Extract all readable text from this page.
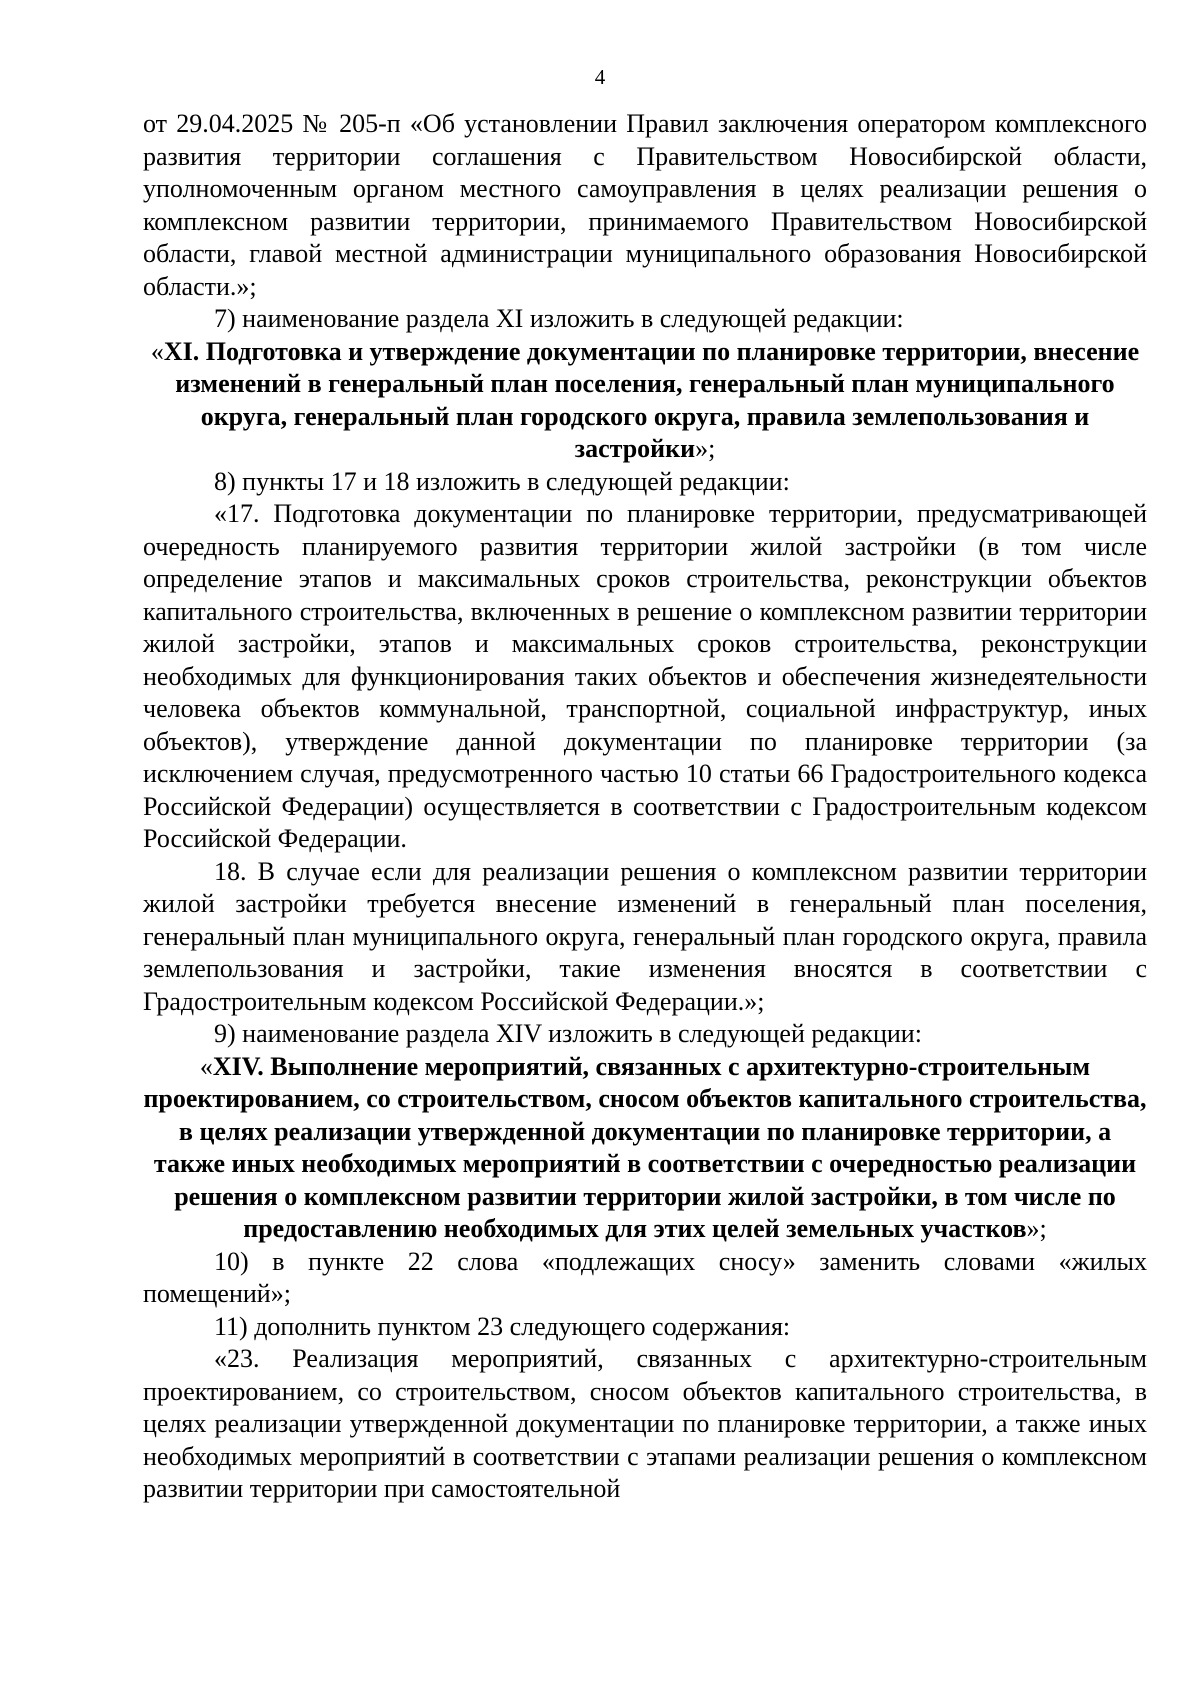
4

от 29.04.2025 № 205-п «Об установлении Правил заключения оператором комплексного развития территории соглашения с Правительством Новосибирской области, уполномоченным органом местного самоуправления в целях реализации решения о комплексном развитии территории, принимаемого Правительством Новосибирской области, главой местной администрации муниципального образования Новосибирской области.»;

7) наименование раздела XI изложить в следующей редакции:

«XI. Подготовка и утверждение документации по планировке территории, внесение изменений в генеральный план поселения, генеральный план муниципального округа, генеральный план городского округа, правила землепользования и застройки»;

8) пункты 17 и 18 изложить в следующей редакции:

«17. Подготовка документации по планировке территории, предусматривающей очередность планируемого развития территории жилой застройки (в том числе определение этапов и максимальных сроков строительства, реконструкции объектов капитального строительства, включенных в решение о комплексном развитии территории жилой застройки, этапов и максимальных сроков строительства, реконструкции необходимых для функционирования таких объектов и обеспечения жизнедеятельности человека объектов коммунальной, транспортной, социальной инфраструктур, иных объектов), утверждение данной документации по планировке территории (за исключением случая, предусмотренного частью 10 статьи 66 Градостроительного кодекса Российской Федерации) осуществляется в соответствии с Градостроительным кодексом Российской Федерации.

18. В случае если для реализации решения о комплексном развитии территории жилой застройки требуется внесение изменений в генеральный план поселения, генеральный план муниципального округа, генеральный план городского округа, правила землепользования и застройки, такие изменения вносятся в соответствии с Градостроительным кодексом Российской Федерации.»;

9) наименование раздела XIV изложить в следующей редакции:

«XIV. Выполнение мероприятий, связанных с архитектурно-строительным проектированием, со строительством, сносом объектов капитального строительства, в целях реализации утвержденной документации по планировке территории, а также иных необходимых мероприятий в соответствии с очередностью реализации решения о комплексном развитии территории жилой застройки, в том числе по предоставлению необходимых для этих целей земельных участков»;

10) в пункте 22 слова «подлежащих сносу» заменить словами «жилых помещений»;

11) дополнить пунктом 23 следующего содержания:

«23. Реализация мероприятий, связанных с архитектурно-строительным проектированием, со строительством, сносом объектов капитального строительства, в целях реализации утвержденной документации по планировке территории, а также иных необходимых мероприятий в соответствии с этапами реализации решения о комплексном развитии территории при самостоятельной
